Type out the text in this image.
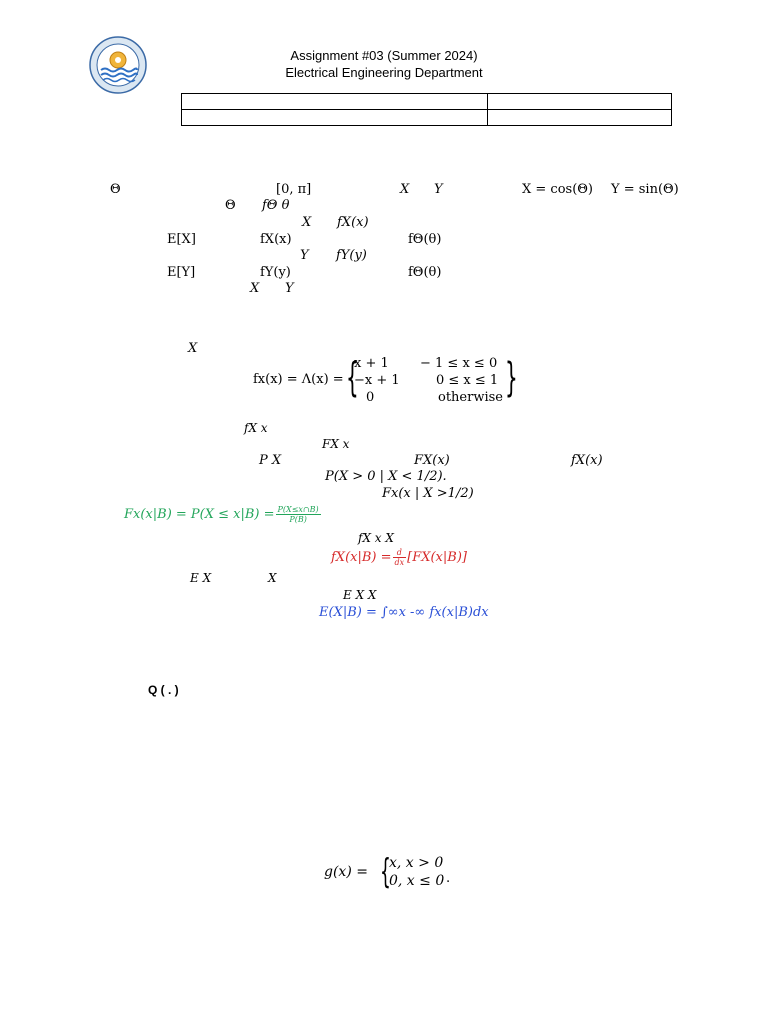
Assignment #03 (Summer 2024)
Electrical Engineering Department

Θ	[0, π]	X Y	X = cos(Θ) Y = sin(Θ)
Θ fΘ θ
X fX(x)
E[X]	fX(x)	fΘ(θ)
Y fY(y)
E[Y]	fY(y)	fΘ(θ)
X Y
X
fx(x) = Λ(x) = {
x + 1 − 1 ≤ x ≤ 0
−x + 1	0 ≤ x ≤ 1
0	otherwise }
fX x
FX x
P X	FX(x)	fX(x)
P(X > 0 | X < 1/2).
Fx(x | X >1/2)
$Fx(x|B) = P(X \le x|B) = \frac{P(X\le x\cap B)}{P(B)}$
fX x X
$fX(x|B) = \frac{d}{dx} [FX(x|B)]$
E X	X
E X X
E(X|B) = ∫∞x -∞ fx(x|B)dx
Q ( . )
g(x) = {
x, x > 0
0, x ≤ 0 .
